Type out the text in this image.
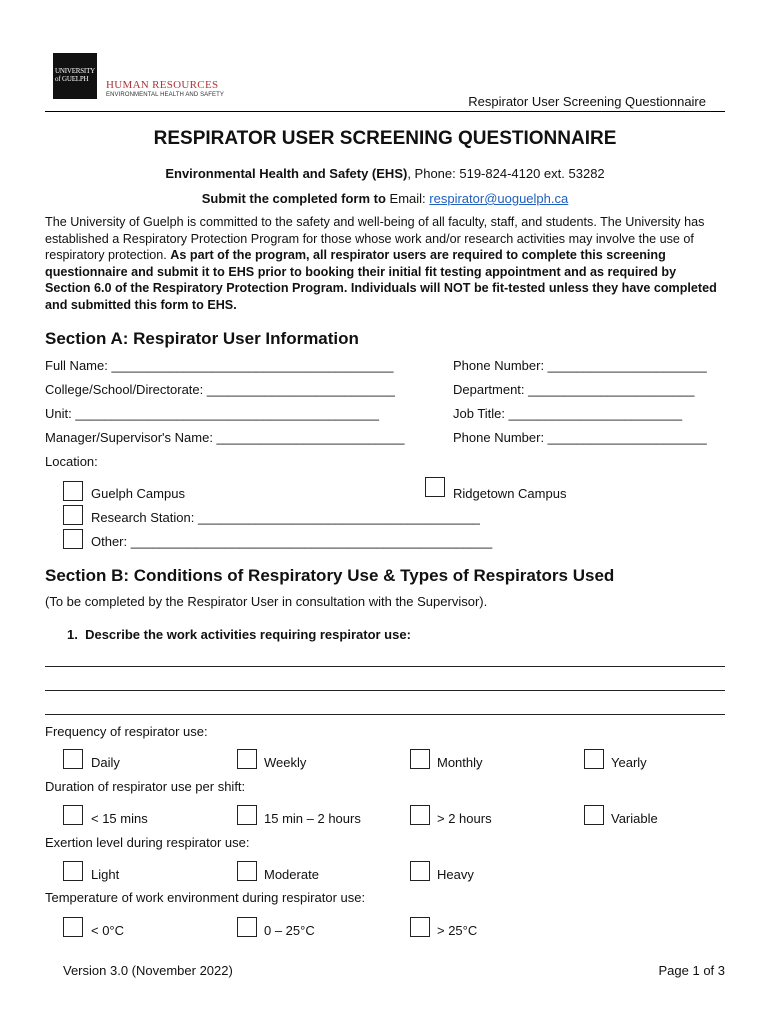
UNIVERSITY of GUELPH	HUMAN RESOURCES
ENVIRONMENTAL HEALTH AND SAFETY	Respirator User Screening Questionnaire
RESPIRATOR USER SCREENING QUESTIONNAIRE
Environmental Health and Safety (EHS), Phone: 519-824-4120 ext. 53282
Submit the completed form to Email: respirator@uoguelph.ca
The University of Guelph is committed to the safety and well-being of all faculty, staff, and students. The University has established a Respiratory Protection Program for those whose work and/or research activities may involve the use of respiratory protection. As part of the program, all respirator users are required to complete this screening questionnaire and submit it to EHS prior to booking their initial fit testing appointment and as required by Section 6.0 of the Respiratory Protection Program. Individuals will NOT be fit-tested unless they have completed and submitted this form to EHS.
Section A: Respirator User Information
Full Name: _______________________________________	Phone Number: ______________________
College/School/Directorate: __________________________	Department: _______________________
Unit: __________________________________________	Job Title: ________________________
Manager/Supervisor's Name: __________________________	Phone Number: ______________________
Location:
Guelph Campus	Ridgetown Campus
Research Station: _______________________________________
Other: __________________________________________________
Section B: Conditions of Respiratory Use & Types of Respirators Used
(To be completed by the Respirator User in consultation with the Supervisor).
1. Describe the work activities requiring respirator use:
Frequency of respirator use:
Daily	Weekly	Monthly	Yearly
Duration of respirator use per shift:
< 15 mins	15 min – 2 hours	> 2 hours	Variable
Exertion level during respirator use:
Light	Moderate	Heavy
Temperature of work environment during respirator use:
< 0°C	0 – 25°C	> 25°C
Version 3.0 (November 2022)	Page 1 of 3
